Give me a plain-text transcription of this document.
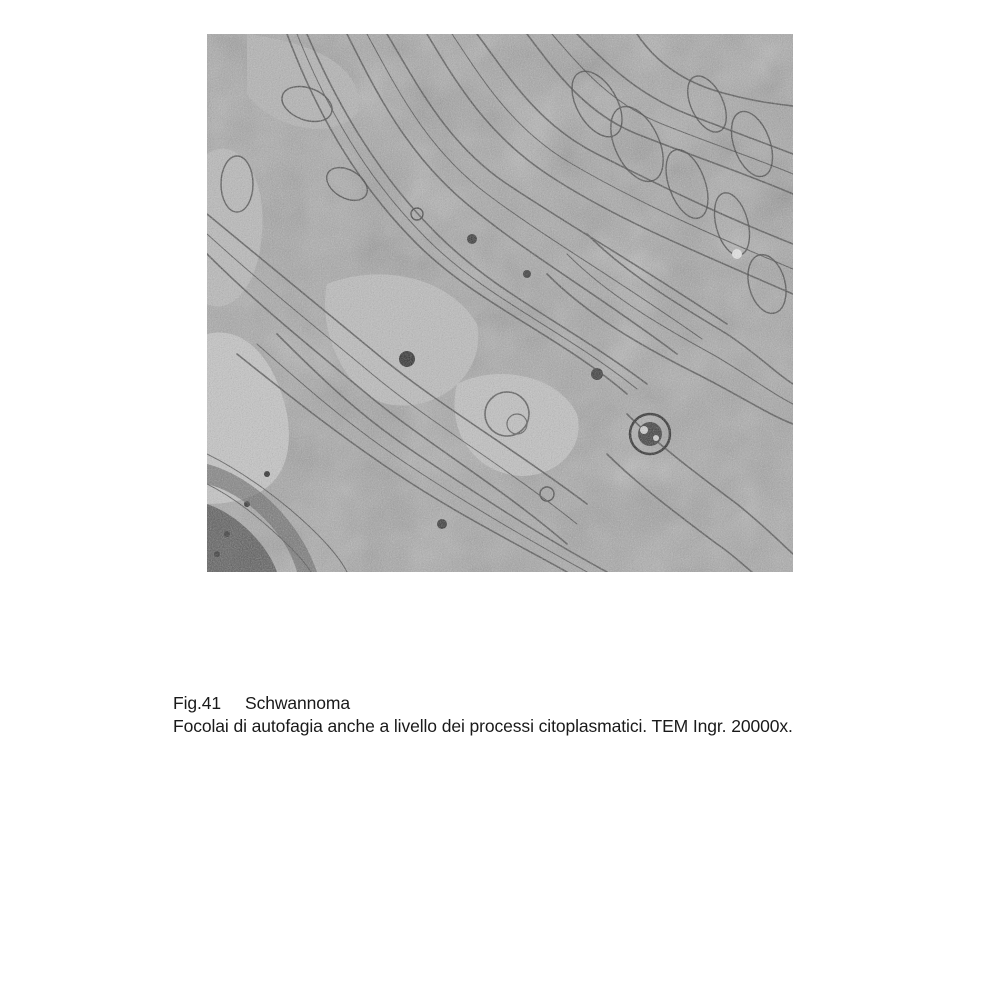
Fig.41 Schwannoma
Focolai di autofagia anche a livello dei processi citoplasmatici. TEM Ingr. 20000x.
